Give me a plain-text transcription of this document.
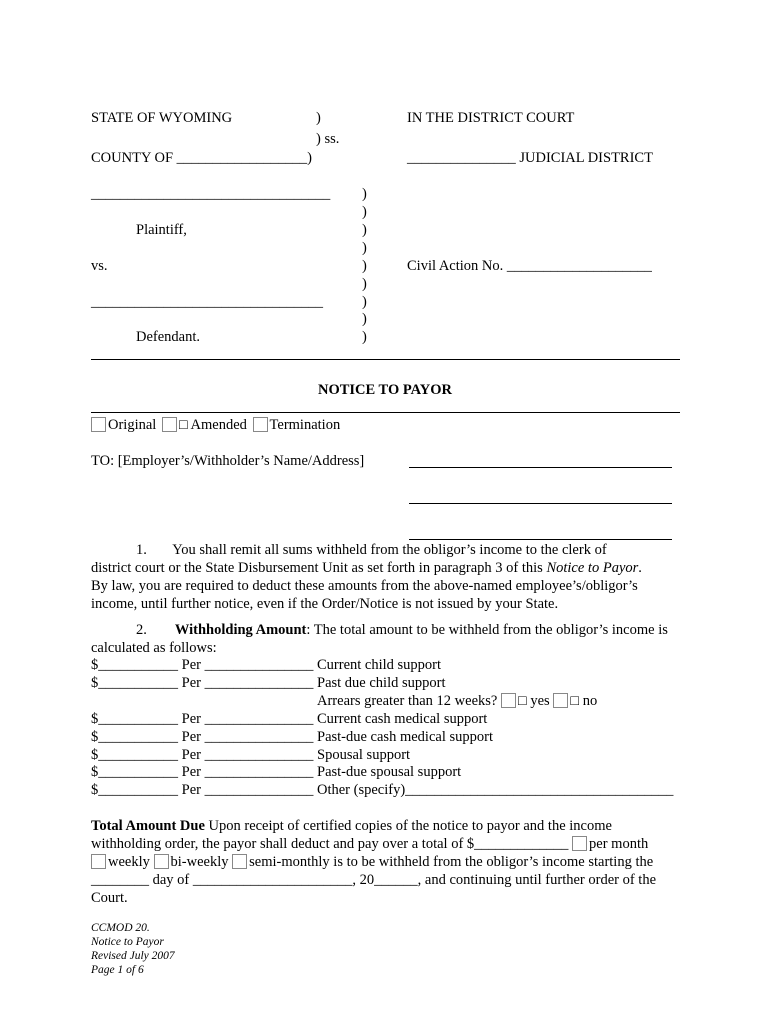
STATE OF WYOMING	)
) ss.
COUNTY OF __________________)
IN THE DISTRICT COURT
_______________ JUDICIAL DISTRICT
_________________________________
Plaintiff,
vs.	Civil Action No. ____________________
________________________________
Defendant.
)
)
)
)
)
)
)
)
)
NOTICE TO PAYOR
Original □ Amended Termination
TO: [Employer’s/Withholder’s Name/Address]
1.       You shall remit all sums withheld from the obligor’s income to the clerk of
district court or the State Disbursement Unit as set forth in paragraph 3 of this Notice to Payor.
By law, you are required to deduct these amounts from the above-named employee’s/obligor’s
income, until further notice, even if the Order/Notice is not issued by your State.
2. Withholding Amount: The total amount to be withheld from the obligor’s income is
calculated as follows:
$___________ Per _______________ Current child support
$___________ Per _______________ Past due child support
Arrears greater than 12 weeks? □ yes □ no
$___________ Per _______________ Current cash medical support
$___________ Per _______________ Past-due cash medical support
$___________ Per _______________ Spousal support
$___________ Per _______________ Past-due spousal support
$___________ Per _______________ Other (specify)_____________________________________
Total Amount Due Upon receipt of certified copies of the notice to payor and the income
withholding order, the payor shall deduct and pay over a total of $_____________ per month
weekly bi-weekly semi-monthly is to be withheld from the obligor’s income starting the
________ day of ______________________, 20______, and continuing until further order of the
Court.
CCMOD 20.
Notice to Payor
Revised July 2007
Page 1 of 6
